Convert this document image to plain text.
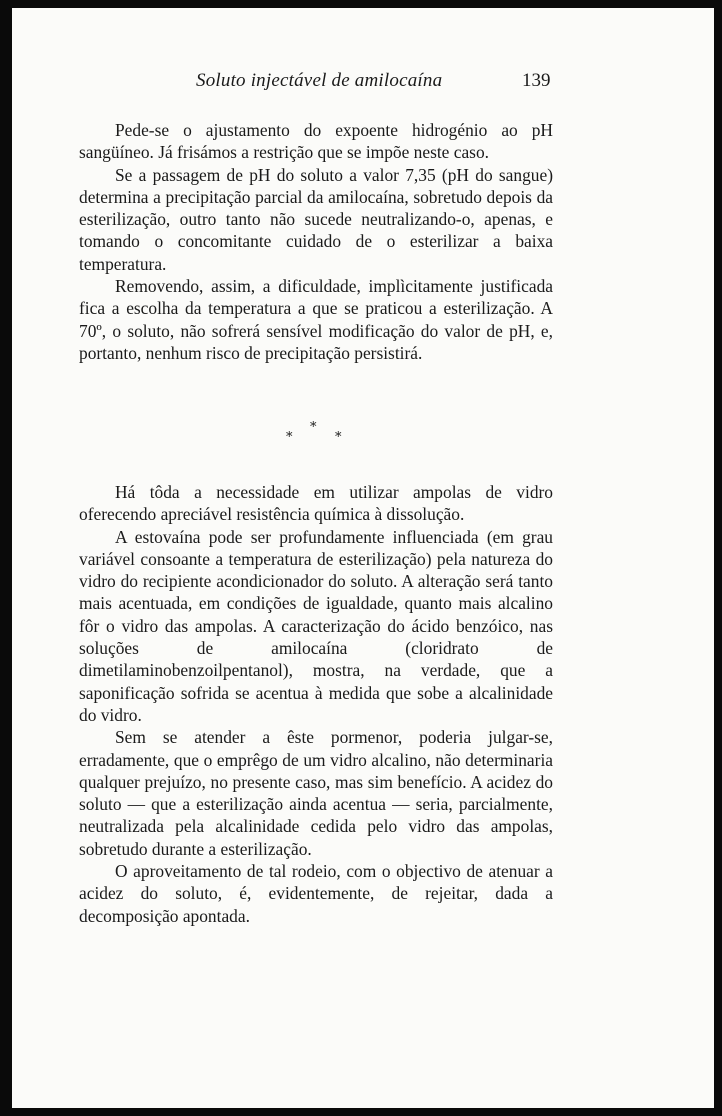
Soluto injectável de amilocaína	139

Pede-se o ajustamento do expoente hidrogénio ao pH sangüíneo. Já frisámos a restrição que se impõe neste caso.

Se a passagem de pH do soluto a valor 7,35 (pH do sangue) determina a precipitação parcial da amilocaína, sobretudo depois da esterilização, outro tanto não sucede neutralizando-o, apenas, e tomando o concomitante cuidado de o esterilizar a baixa temperatura.

Removendo, assim, a dificuldade, implìcitamente justificada fica a escolha da temperatura a que se praticou a esterilização. A 70º, o soluto, não sofrerá sensível modificação do valor de pH, e, portanto, nenhum risco de precipitação persistirá.

*
*	*

Há tôda a necessidade em utilizar ampolas de vidro oferecendo apreciável resistência química à dissolução.

A estovaína pode ser profundamente influenciada (em grau variável consoante a temperatura de esterilização) pela natureza do vidro do recipiente acondicionador do soluto. A alteração será tanto mais acentuada, em condições de igualdade, quanto mais alcalino fôr o vidro das ampolas. A caracterização do ácido benzóico, nas soluções de amilocaína (cloridrato de dimetilaminobenzoilpentanol), mostra, na verdade, que a saponificação sofrida se acentua à medida que sobe a alcalinidade do vidro.

Sem se atender a êste pormenor, poderia julgar-se, erradamente, que o emprêgo de um vidro alcalino, não determinaria qualquer prejuízo, no presente caso, mas sim benefício. A acidez do soluto — que a esterilização ainda acentua — seria, parcialmente, neutralizada pela alcalinidade cedida pelo vidro das ampolas, sobretudo durante a esterilização.

O aproveitamento de tal rodeio, com o objectivo de atenuar a acidez do soluto, é, evidentemente, de rejeitar, dada a decomposição apontada.
